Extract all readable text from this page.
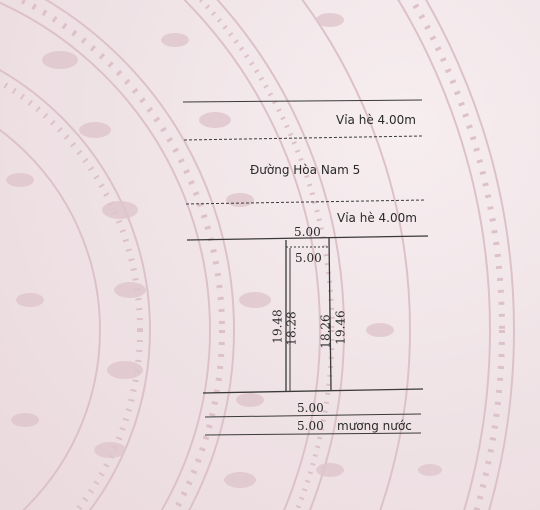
Vỉa hè 4.00m
Đường Hòa Nam 5
Vỉa hè 4.00m
5.00
5.00
19.48 18.28 18.26 19.46
5.00
5.00 mương nước
